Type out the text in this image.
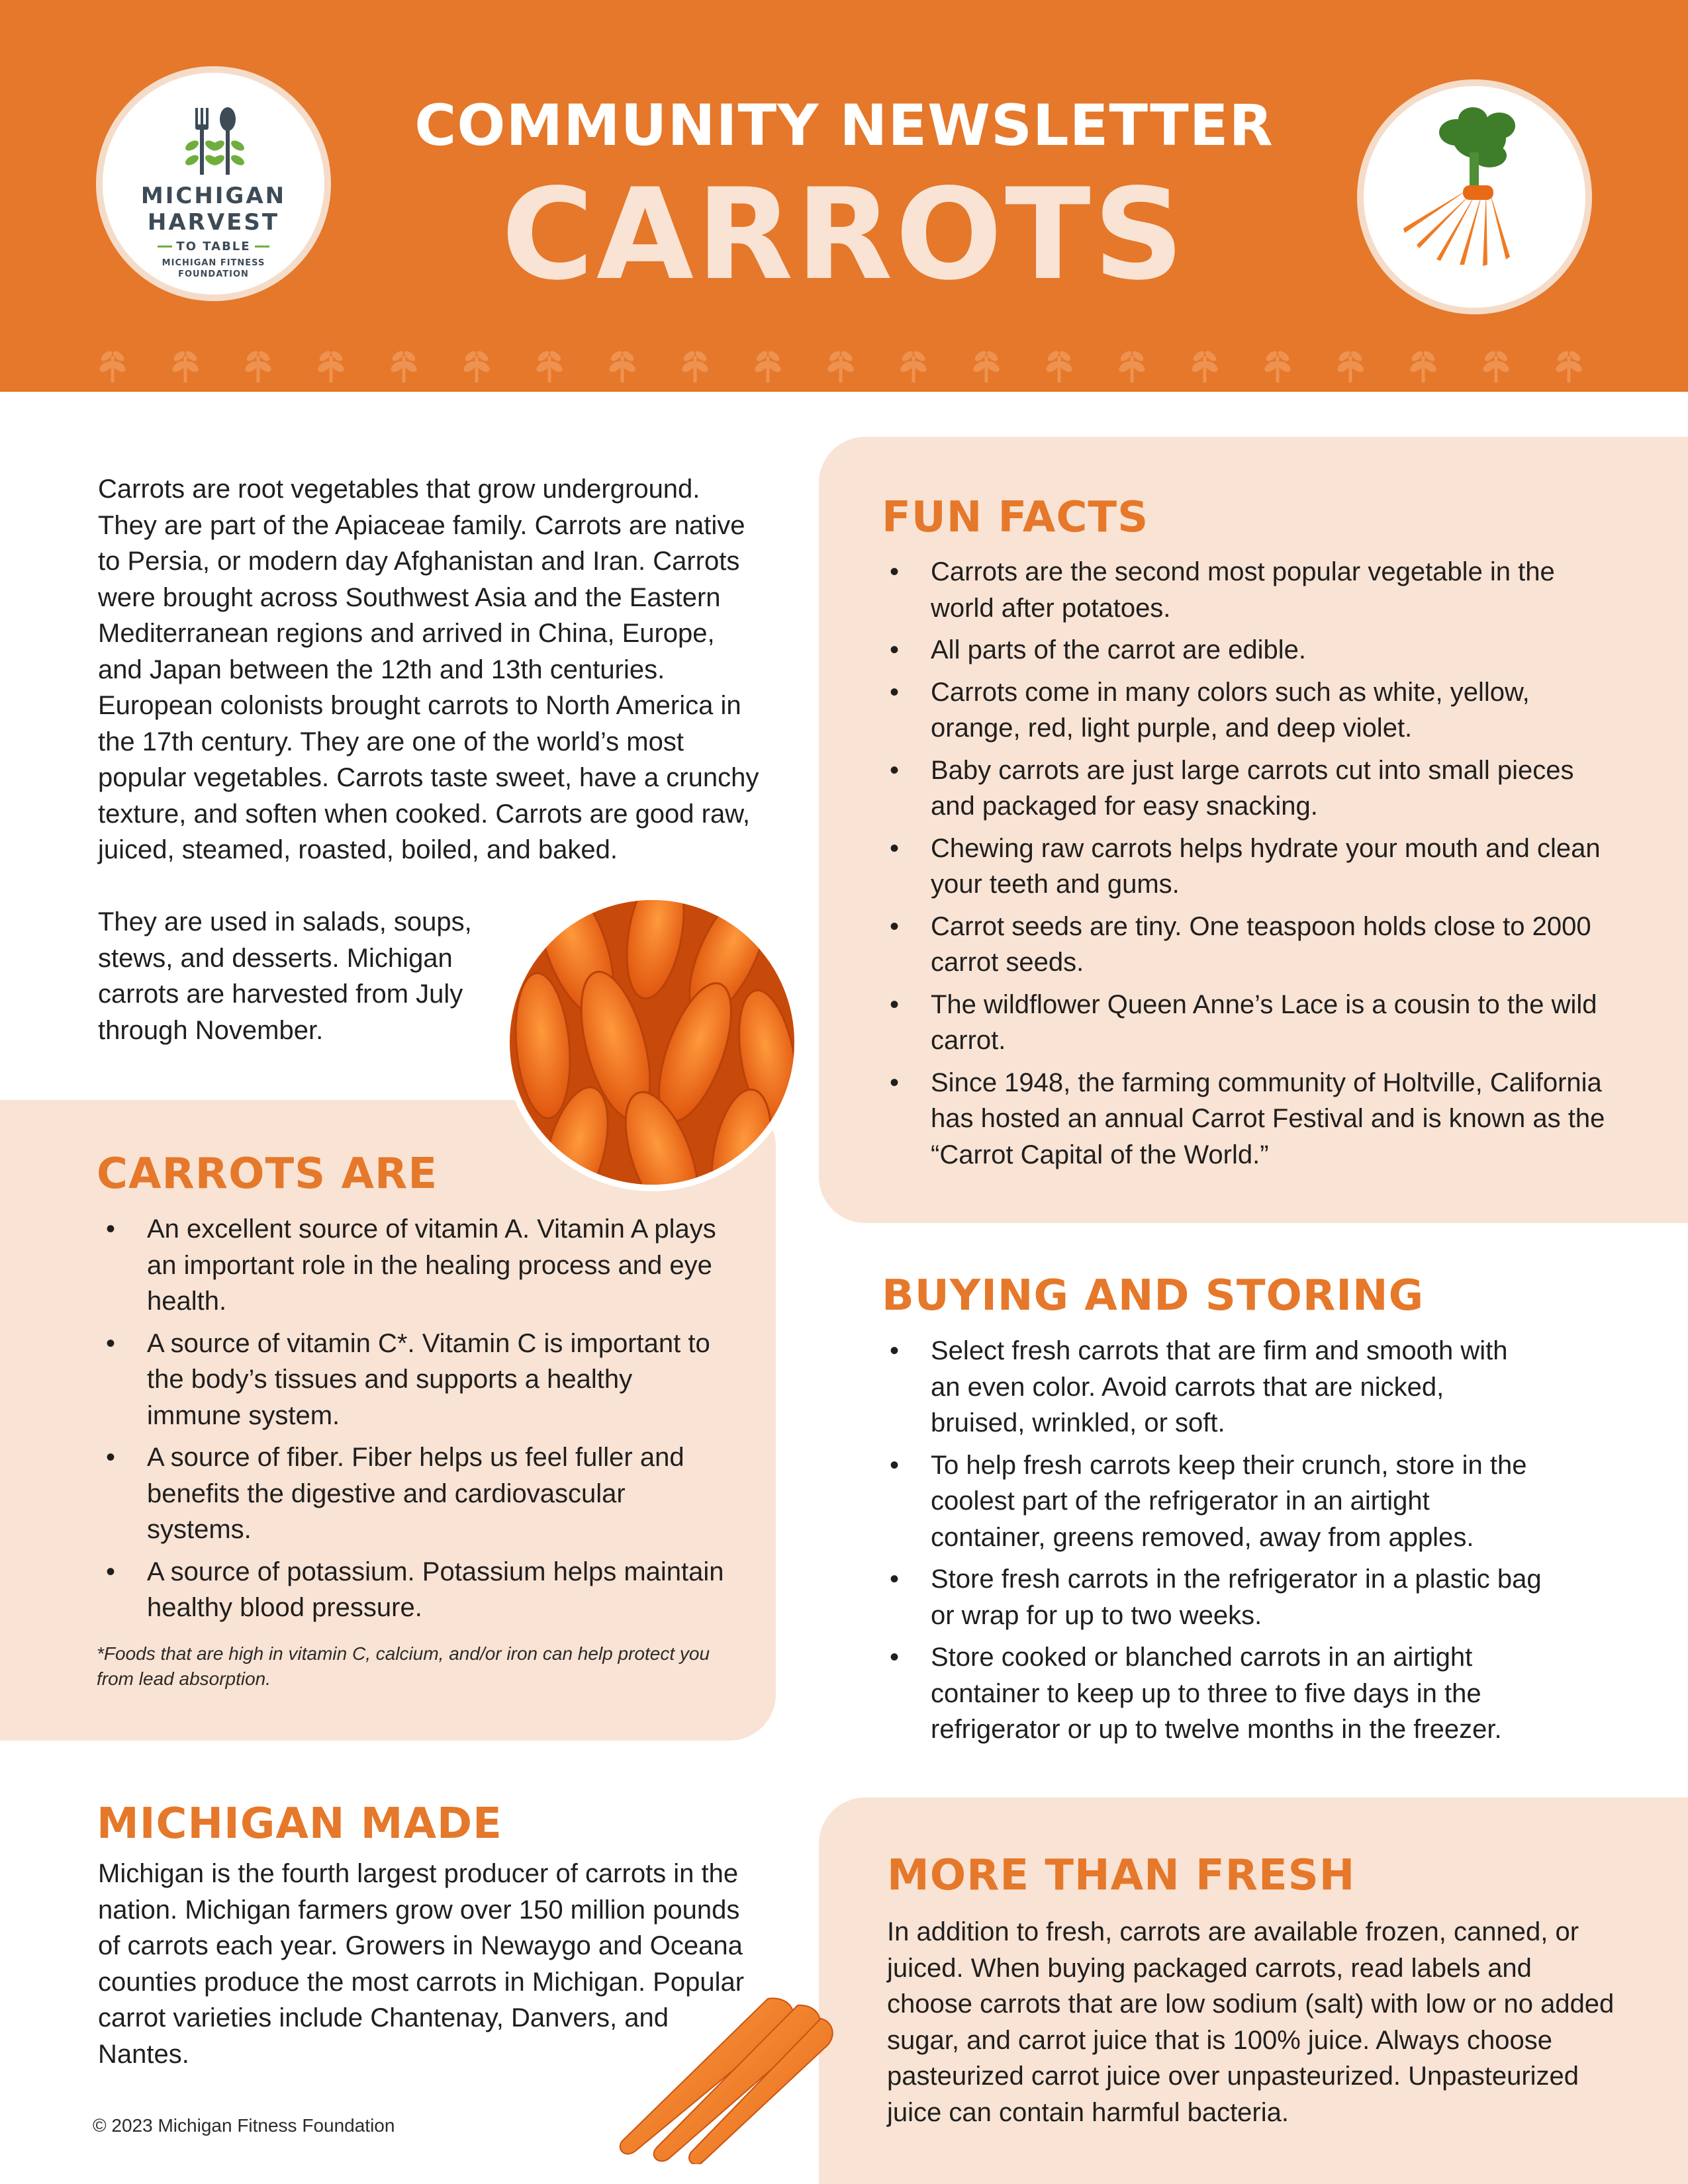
MICHIGAN
HARVEST
TO TABLE
MICHIGAN FITNESS
FOUNDATION
COMMUNITY NEWSLETTER
CARROTS
Carrots are root vegetables that grow underground. They are part of the Apiaceae family. Carrots are native to Persia, or modern day Afghanistan and Iran. Carrots were brought across Southwest Asia and the Eastern Mediterranean regions and arrived in China, Europe, and Japan between the 12th and 13th centuries. European colonists brought carrots to North America in the 17th century. They are one of the world’s most popular vegetables. Carrots taste sweet, have a crunchy texture, and soften when cooked. Carrots are good raw, juiced, steamed, roasted, boiled, and baked.
They are used in salads, soups, stews, and desserts. Michigan carrots are harvested from July through November.
CARROTS ARE
• An excellent source of vitamin A. Vitamin A plays an important role in the healing process and eye health.
• A source of vitamin C*. Vitamin C is important to the body’s tissues and supports a healthy immune system.
• A source of fiber. Fiber helps us feel fuller and benefits the digestive and cardiovascular systems.
• A source of potassium. Potassium helps maintain healthy blood pressure.
*Foods that are high in vitamin C, calcium, and/or iron can help protect you from lead absorption.
MICHIGAN MADE
Michigan is the fourth largest producer of carrots in the nation. Michigan farmers grow over 150 million pounds of carrots each year. Growers in Newaygo and Oceana counties produce the most carrots in Michigan. Popular carrot varieties include Chantenay, Danvers, and Nantes.
© 2023 Michigan Fitness Foundation
FUN FACTS
• Carrots are the second most popular vegetable in the world after potatoes.
• All parts of the carrot are edible.
• Carrots come in many colors such as white, yellow, orange, red, light purple, and deep violet.
• Baby carrots are just large carrots cut into small pieces and packaged for easy snacking.
• Chewing raw carrots helps hydrate your mouth and clean your teeth and gums.
• Carrot seeds are tiny. One teaspoon holds close to 2000 carrot seeds.
• The wildflower Queen Anne’s Lace is a cousin to the wild carrot.
• Since 1948, the farming community of Holtville, California has hosted an annual Carrot Festival and is known as the “Carrot Capital of the World.”
BUYING AND STORING
• Select fresh carrots that are firm and smooth with an even color. Avoid carrots that are nicked, bruised, wrinkled, or soft.
• To help fresh carrots keep their crunch, store in the coolest part of the refrigerator in an airtight container, greens removed, away from apples.
• Store fresh carrots in the refrigerator in a plastic bag or wrap for up to two weeks.
• Store cooked or blanched carrots in an airtight container to keep up to three to five days in the refrigerator or up to twelve months in the freezer.
MORE THAN FRESH
In addition to fresh, carrots are available frozen, canned, or juiced. When buying packaged carrots, read labels and choose carrots that are low sodium (salt) with low or no added sugar, and carrot juice that is 100% juice. Always choose pasteurized carrot juice over unpasteurized. Unpasteurized juice can contain harmful bacteria.
